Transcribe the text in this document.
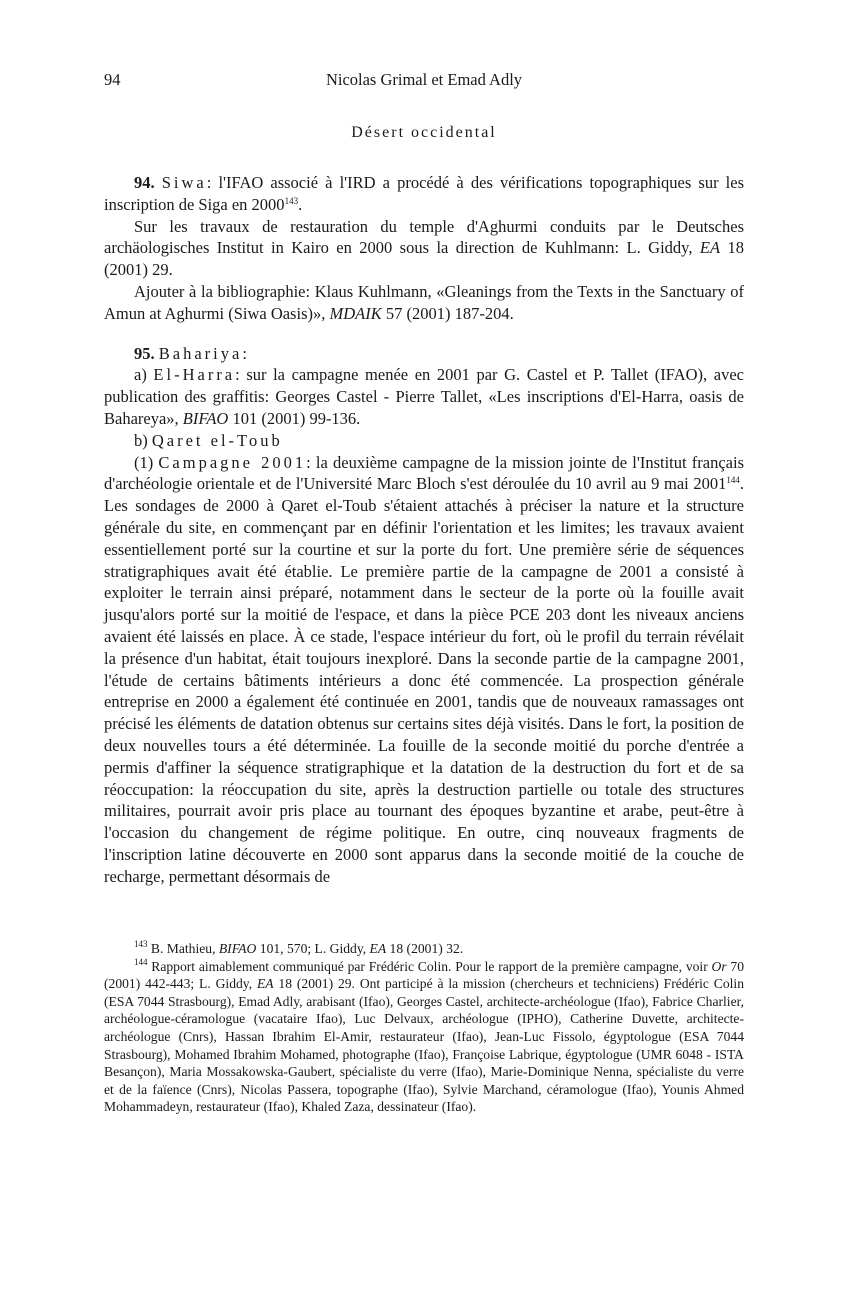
94	Nicolas Grimal et Emad Adly
Désert occidental

94. Siwa: l'IFAO associé à l'IRD a procédé à des vérifications topographiques sur les inscription de Siga en 2000$^{143}$.

Sur les travaux de restauration du temple d'Aghurmi conduits par le Deutsches archäologisches Institut in Kairo en 2000 sous la direction de Kuhlmann: L. Giddy, EA 18 (2001) 29.

Ajouter à la bibliographie: Klaus Kuhlmann, «Gleanings from the Texts in the Sanctuary of Amun at Aghurmi (Siwa Oasis)», MDAIK 57 (2001) 187-204.

95. Bahariya:

a) El-Harra: sur la campagne menée en 2001 par G. Castel et P. Tallet (IFAO), avec publication des graffitis: Georges Castel - Pierre Tallet, «Les inscriptions d'El-Harra, oasis de Bahareya», BIFAO 101 (2001) 99-136.

b) Qaret el-Toub

(1) Campagne 2001: la deuxième campagne de la mission jointe de l'Institut français d'archéologie orientale et de l'Université Marc Bloch s'est déroulée du 10 avril au 9 mai 2001$^{144}$. Les sondages de 2000 à Qaret el-Toub s'étaient attachés à préciser la nature et la structure générale du site, en commençant par en définir l'orientation et les limites; les travaux avaient essentiellement porté sur la courtine et sur la porte du fort. Une première série de séquences stratigraphiques avait été établie. Le première partie de la campagne de 2001 a consisté à exploiter le terrain ainsi préparé, notamment dans le secteur de la porte où la fouille avait jusqu'alors porté sur la moitié de l'espace, et dans la pièce PCE 203 dont les niveaux anciens avaient été laissés en place. À ce stade, l'espace intérieur du fort, où le profil du terrain révélait la présence d'un habitat, était toujours inexploré. Dans la seconde partie de la campagne 2001, l'étude de certains bâtiments intérieurs a donc été commencée. La prospection générale entreprise en 2000 a également été continuée en 2001, tandis que de nouveaux ramassages ont précisé les éléments de datation obtenus sur certains sites déjà visités. Dans le fort, la position de deux nouvelles tours a été déterminée. La fouille de la seconde moitié du porche d'entrée a permis d'affiner la séquence stratigraphique et la datation de la destruction du fort et de sa réoccupation: la réoccupation du site, après la destruction partielle ou totale des structures militaires, pourrait avoir pris place au tournant des époques byzantine et arabe, peut-être à l'occasion du changement de régime politique. En outre, cinq nouveaux fragments de l'inscription latine découverte en 2000 sont apparus dans la seconde moitié de la couche de recharge, permettant désormais de

$^{143}$ B. Mathieu, BIFAO 101, 570; L. Giddy, EA 18 (2001) 32.

$^{144}$ Rapport aimablement communiqué par Frédéric Colin. Pour le rapport de la première campagne, voir Or 70 (2001) 442-443; L. Giddy, EA 18 (2001) 29. Ont participé à la mission (chercheurs et techniciens) Frédéric Colin (ESA 7044 Strasbourg), Emad Adly, arabisant (Ifao), Georges Castel, architecte-archéologue (Ifao), Fabrice Charlier, archéologue-céramologue (vacataire Ifao), Luc Delvaux, archéologue (IPHO), Catherine Duvette, architecte-archéologue (Cnrs), Hassan Ibrahim El-Amir, restaurateur (Ifao), Jean-Luc Fissolo, égyptologue (ESA 7044 Strasbourg), Mohamed Ibrahim Mohamed, photographe (Ifao), Françoise Labrique, égyptologue (UMR 6048 - ISTA Besançon), Maria Mossakowska-Gaubert, spécialiste du verre (Ifao), Marie-Dominique Nenna, spécialiste du verre et de la faïence (Cnrs), Nicolas Passera, topographe (Ifao), Sylvie Marchand, céramologue (Ifao), Younis Ahmed Mohammadeyn, restaurateur (Ifao), Khaled Zaza, dessinateur (Ifao).
